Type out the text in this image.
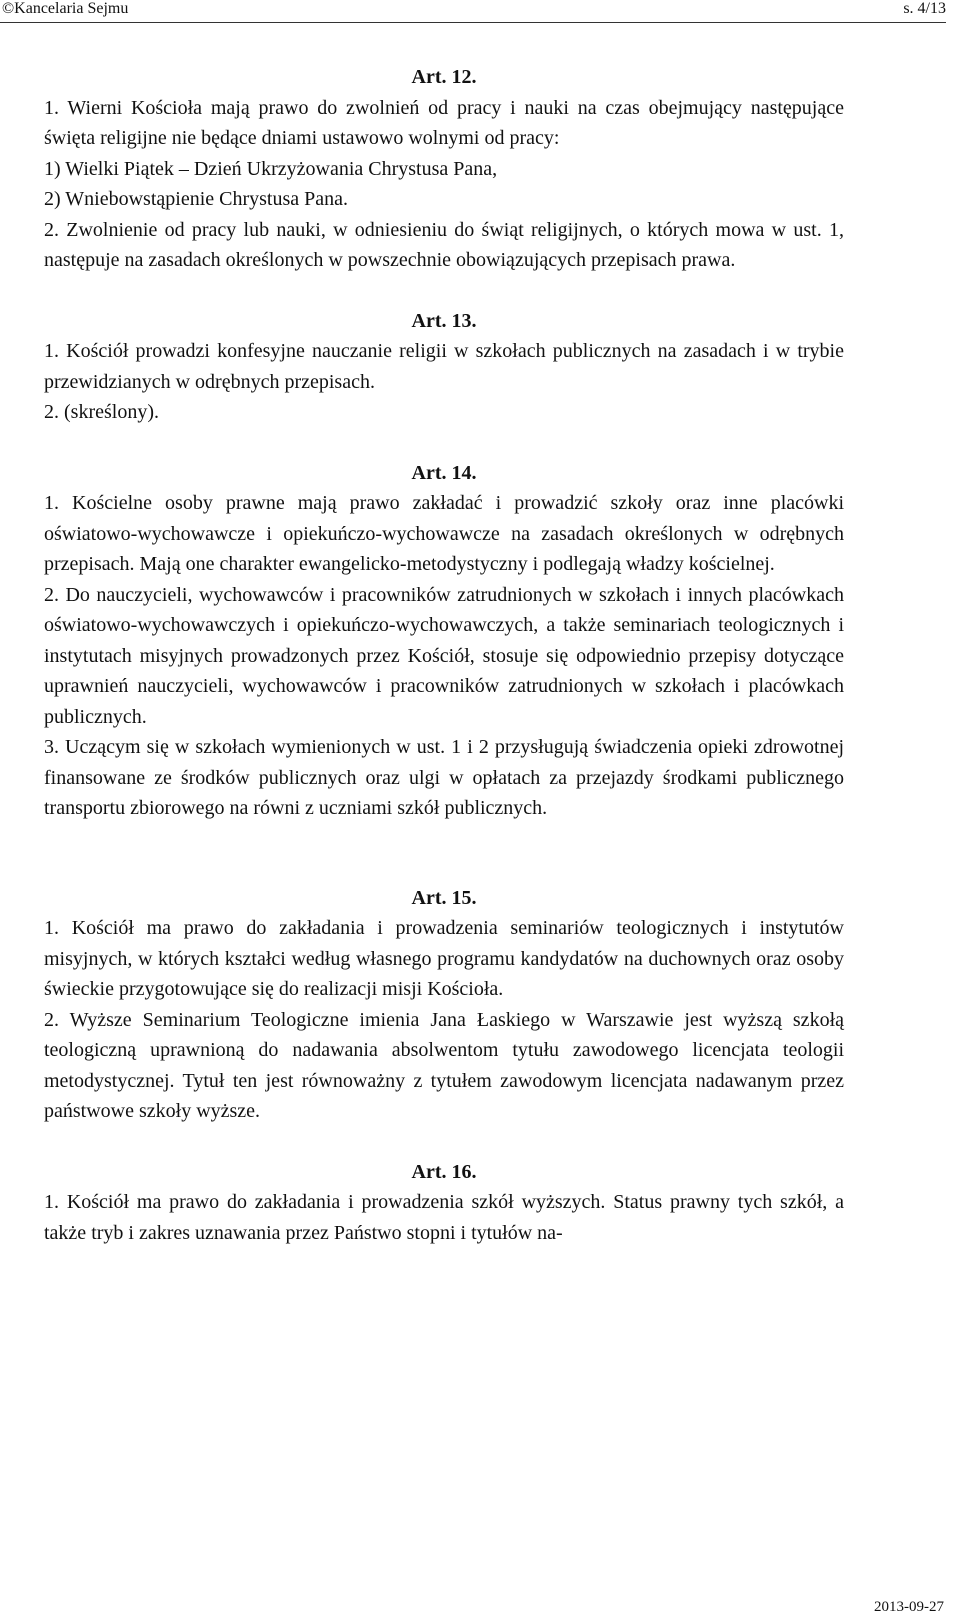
©Kancelaria Sejmu	s. 4/13
Art. 12.

1. Wierni Kościoła mają prawo do zwolnień od pracy i nauki na czas obejmujący następujące święta religijne nie będące dniami ustawowo wolnymi od pracy:

1) Wielki Piątek – Dzień Ukrzyżowania Chrystusa Pana,

2) Wniebowstąpienie Chrystusa Pana.

2. Zwolnienie od pracy lub nauki, w odniesieniu do świąt religijnych, o których mowa w ust. 1, następuje na zasadach określonych w powszechnie obowiązujących przepisach prawa.

Art. 13.

1. Kościół prowadzi konfesyjne nauczanie religii w szkołach publicznych na zasadach i w trybie przewidzianych w odrębnych przepisach.

2. (skreślony).

Art. 14.

1. Kościelne osoby prawne mają prawo zakładać i prowadzić szkoły oraz inne placówki oświatowo-wychowawcze i opiekuńczo-wychowawcze na zasadach określonych w odrębnych przepisach. Mają one charakter ewangelicko-metodystyczny i podlegają władzy kościelnej.

2. Do nauczycieli, wychowawców i pracowników zatrudnionych w szkołach i innych placówkach oświatowo-wychowawczych i opiekuńczo-wychowawczych, a także seminariach teologicznych i instytutach misyjnych prowadzonych przez Kościół, stosuje się odpowiednio przepisy dotyczące uprawnień nauczycieli, wychowawców i pracowników zatrudnionych w szkołach i placówkach publicznych.

3. Uczącym się w szkołach wymienionych w ust. 1 i 2 przysługują świadczenia opieki zdrowotnej finansowane ze środków publicznych oraz ulgi w opłatach za przejazdy środkami publicznego transportu zbiorowego na równi z uczniami szkół publicznych.

Art. 15.

1. Kościół ma prawo do zakładania i prowadzenia seminariów teologicznych i instytutów misyjnych, w których kształci według własnego programu kandydatów na duchownych oraz osoby świeckie przygotowujące się do realizacji misji Kościoła.

2. Wyższe Seminarium Teologiczne imienia Jana Łaskiego w Warszawie jest wyższą szkołą teologiczną uprawnioną do nadawania absolwentom tytułu zawodowego licencjata teologii metodystycznej. Tytuł ten jest równoważny z tytułem zawodowym licencjata nadawanym przez państwowe szkoły wyższe.

Art. 16.

1. Kościół ma prawo do zakładania i prowadzenia szkół wyższych. Status prawny tych szkół, a także tryb i zakres uznawania przez Państwo stopni i tytułów na-

2013-09-27
